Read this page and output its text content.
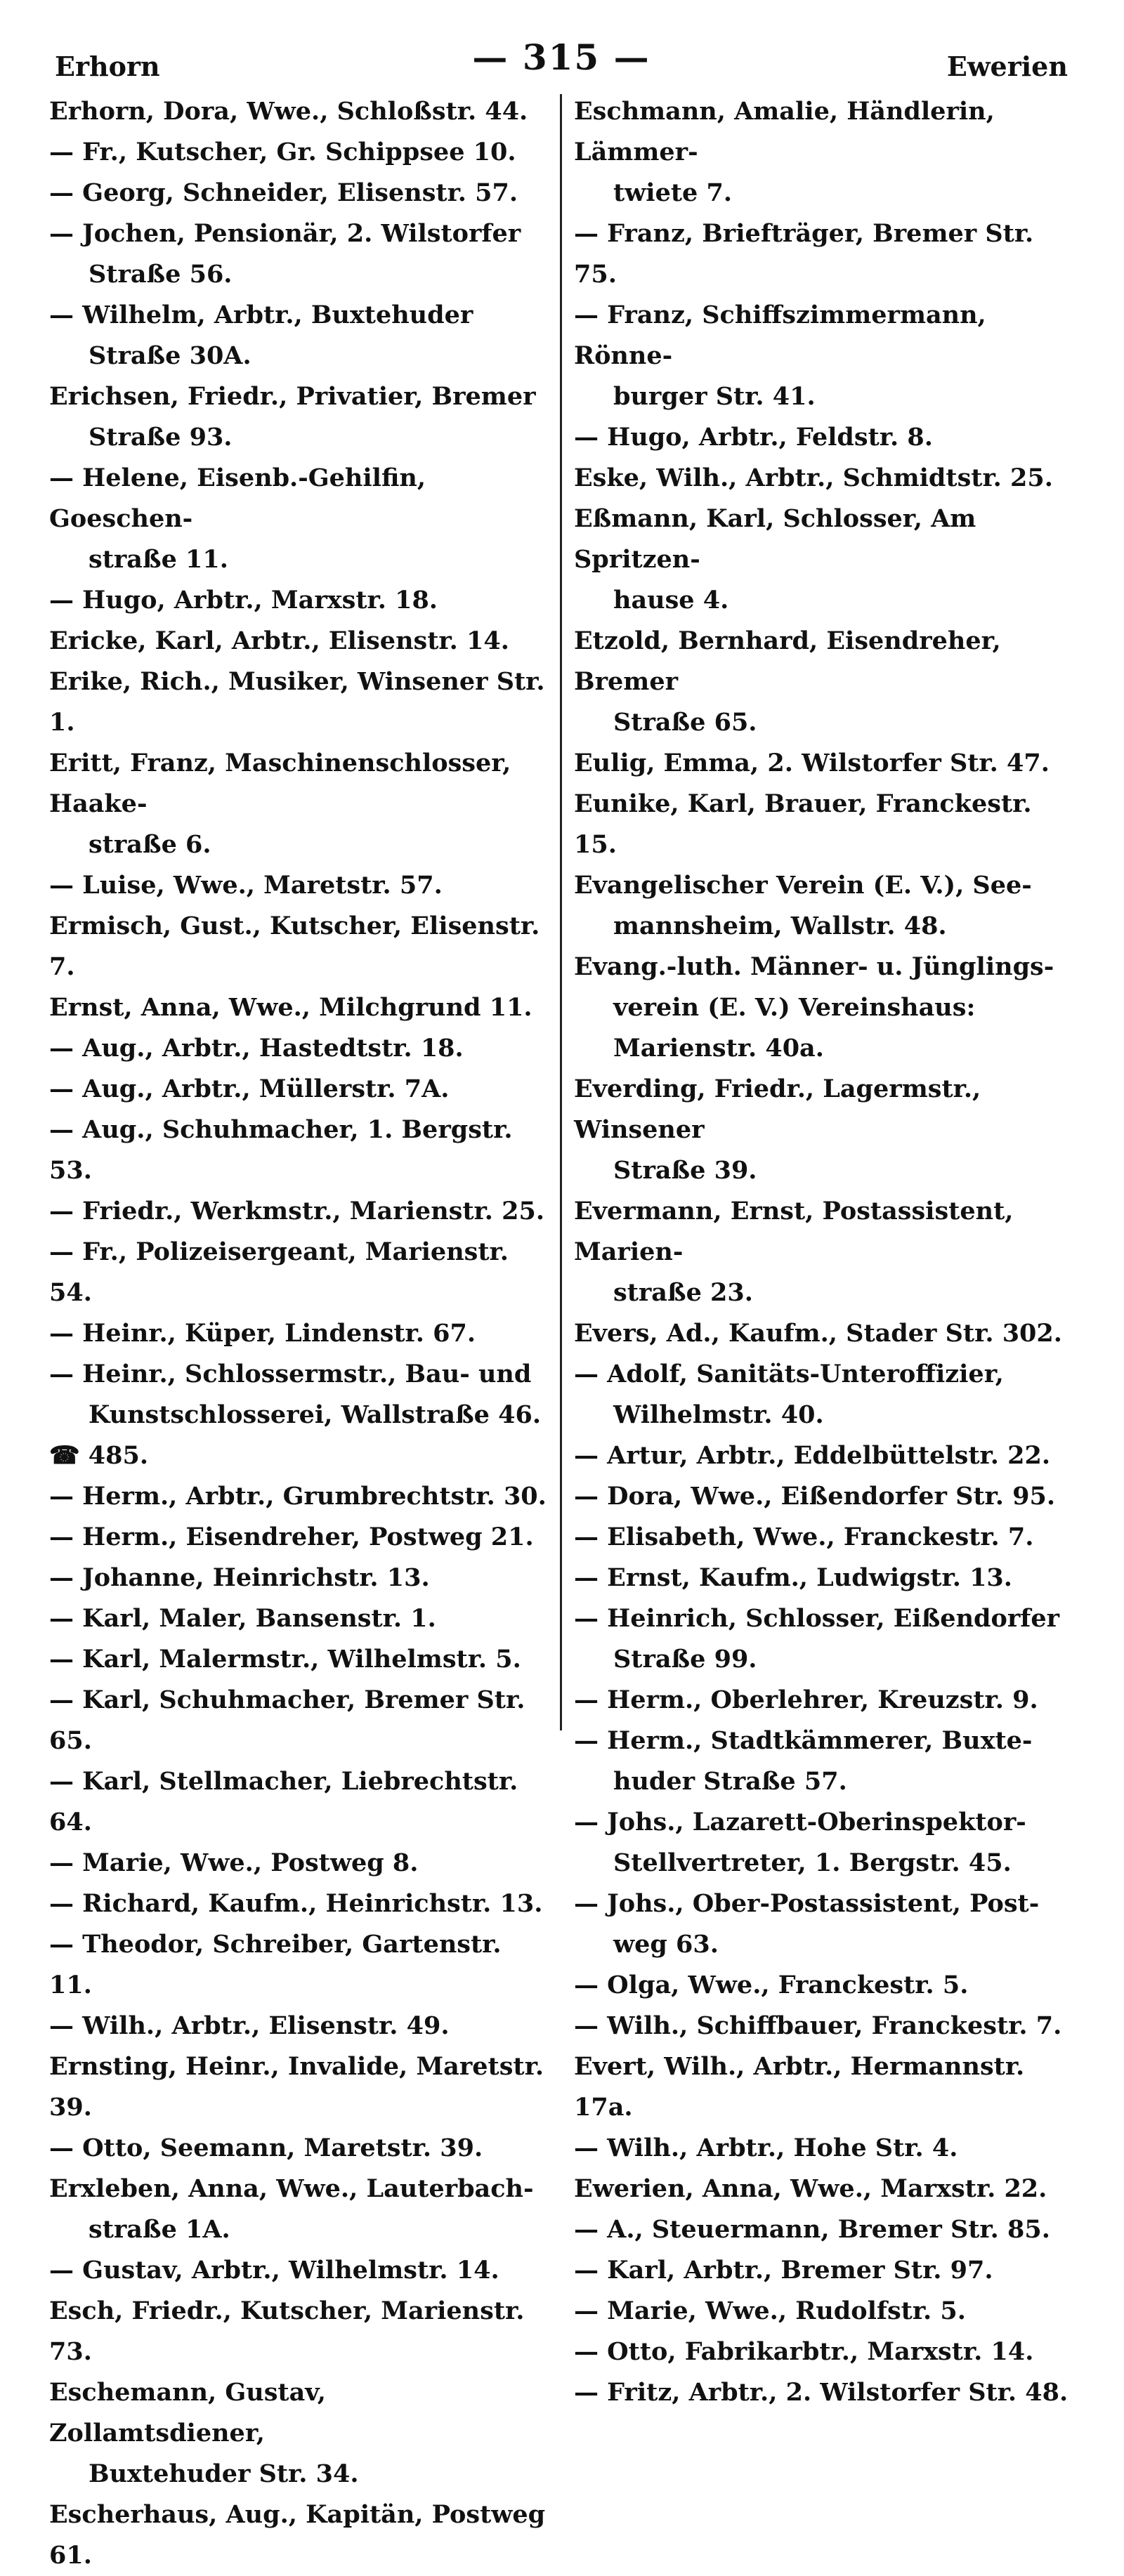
Erhorn	— 315 —	Ewerien

Erhorn, Dora, Wwe., Schloßstr. 44.

— Fr., Kutscher, Gr. Schippsee 10.

— Georg, Schneider, Elisenstr. 57.

— Jochen, Pensionär, 2. Wilstorfer
Straße 56.

— Wilhelm, Arbtr., Buxtehuder
Straße 30A.

Erichsen, Friedr., Privatier, Bremer
Straße 93.

— Helene, Eisenb.-Gehilfin, Goeschen-
straße 11.

— Hugo, Arbtr., Marxstr. 18.

Ericke, Karl, Arbtr., Elisenstr. 14.

Erike, Rich., Musiker, Winsener Str. 1.

Eritt, Franz, Maschinenschlosser, Haake-
straße 6.

— Luise, Wwe., Maretstr. 57.

Ermisch, Gust., Kutscher, Elisenstr. 7.

Ernst, Anna, Wwe., Milchgrund 11.

— Aug., Arbtr., Hastedtstr. 18.

— Aug., Arbtr., Müllerstr. 7A.

— Aug., Schuhmacher, 1. Bergstr. 53.

— Friedr., Werkmstr., Marienstr. 25.

— Fr., Polizeisergeant, Marienstr. 54.

— Heinr., Küper, Lindenstr. 67.

— Heinr., Schlossermstr., Bau- und
Kunstschlosserei, Wallstraße 46.

☎ 485.

— Herm., Arbtr., Grumbrechtstr. 30.

— Herm., Eisendreher, Postweg 21.

— Johanne, Heinrichstr. 13.

— Karl, Maler, Bansenstr. 1.

— Karl, Malermstr., Wilhelmstr. 5.

— Karl, Schuhmacher, Bremer Str. 65.

— Karl, Stellmacher, Liebrechtstr. 64.

— Marie, Wwe., Postweg 8.

— Richard, Kaufm., Heinrichstr. 13.

— Theodor, Schreiber, Gartenstr. 11.

— Wilh., Arbtr., Elisenstr. 49.

Ernsting, Heinr., Invalide, Maretstr. 39.

— Otto, Seemann, Maretstr. 39.

Erxleben, Anna, Wwe., Lauterbach-
straße 1A.

— Gustav, Arbtr., Wilhelmstr. 14.

Esch, Friedr., Kutscher, Marienstr. 73.

Eschemann, Gustav, Zollamtsdiener,
Buxtehuder Str. 34.

Escherhaus, Aug., Kapitän, Postweg 61.

Eschmann, Amalie, Händlerin, Lämmer-
twiete 7.

— Franz, Briefträger, Bremer Str. 75.

— Franz, Schiffszimmermann, Rönne-
burger Str. 41.

— Hugo, Arbtr., Feldstr. 8.

Eske, Wilh., Arbtr., Schmidtstr. 25.

Eßmann, Karl, Schlosser, Am Spritzen-
hause 4.

Etzold, Bernhard, Eisendreher, Bremer
Straße 65.

Eulig, Emma, 2. Wilstorfer Str. 47.

Eunike, Karl, Brauer, Franckestr. 15.

Evangelischer Verein (E. V.), See-
mannsheim, Wallstr. 48.

Evang.-luth. Männer- u. Jünglings-
verein (E. V.) Vereinshaus:

Marienstr. 40a.

Everding, Friedr., Lagermstr., Winsener
Straße 39.

Evermann, Ernst, Postassistent, Marien-
straße 23.

Evers, Ad., Kaufm., Stader Str. 302.

— Adolf, Sanitäts-Unteroffizier,
Wilhelmstr. 40.

— Artur, Arbtr., Eddelbüttelstr. 22.

— Dora, Wwe., Eißendorfer Str. 95.

— Elisabeth, Wwe., Franckestr. 7.

— Ernst, Kaufm., Ludwigstr. 13.

— Heinrich, Schlosser, Eißendorfer
Straße 99.

— Herm., Oberlehrer, Kreuzstr. 9.

— Herm., Stadtkämmerer, Buxte-
huder Straße 57.

— Johs., Lazarett-Oberinspektor-
Stellvertreter, 1. Bergstr. 45.

— Johs., Ober-Postassistent, Post-
weg 63.

— Olga, Wwe., Franckestr. 5.

— Wilh., Schiffbauer, Franckestr. 7.

Evert, Wilh., Arbtr., Hermannstr. 17a.

— Wilh., Arbtr., Hohe Str. 4.

Ewerien, Anna, Wwe., Marxstr. 22.

— A., Steuermann, Bremer Str. 85.

— Karl, Arbtr., Bremer Str. 97.

— Marie, Wwe., Rudolfstr. 5.

— Otto, Fabrikarbtr., Marxstr. 14.

— Fritz, Arbtr., 2. Wilstorfer Str. 48.
